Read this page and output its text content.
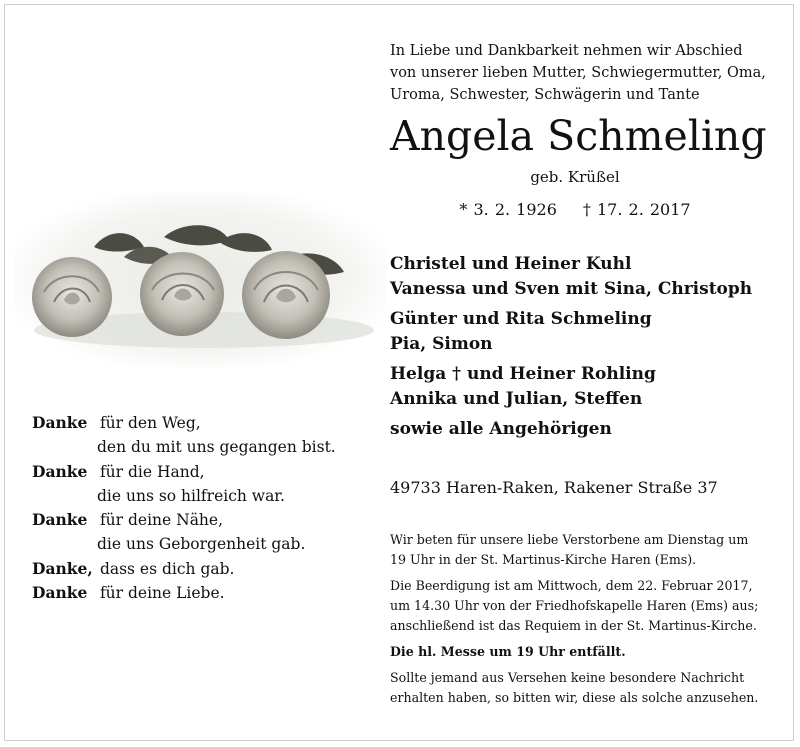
In Liebe und Dankbarkeit nehmen wir Abschied
von unserer lieben Mutter, Schwiegermutter, Oma,
Uroma, Schwester, Schwägerin und Tante
Angela Schmeling
geb. Krüßel
* 3. 2. 1926 † 17. 2. 2017
Christel und Heiner Kuhl
Vanessa und Sven mit Sina, Christoph
Günter und Rita Schmeling
Pia, Simon
Helga † und Heiner Rohling
Annika und Julian, Steffen
sowie alle Angehörigen
49733 Haren-Raken, Rakener Straße 37

Wir beten für unsere liebe Verstorbene am Dienstag um
19 Uhr in der St. Martinus-Kirche Haren (Ems).

Die Beerdigung ist am Mittwoch, dem 22. Februar 2017,
um 14.30 Uhr von der Friedhofskapelle Haren (Ems) aus;
anschließend ist das Requiem in der St. Martinus-Kirche.

Die hl. Messe um 19 Uhr entfällt.

Sollte jemand aus Versehen keine besondere Nachricht
erhalten haben, so bitten wir, diese als solche anzusehen.

Danke für den Weg,
den du mit uns gegangen bist.
Danke für die Hand,
die uns so hilfreich war.
Danke für deine Nähe,
die uns Geborgenheit gab.
Danke, dass es dich gab.
Danke für deine Liebe.
